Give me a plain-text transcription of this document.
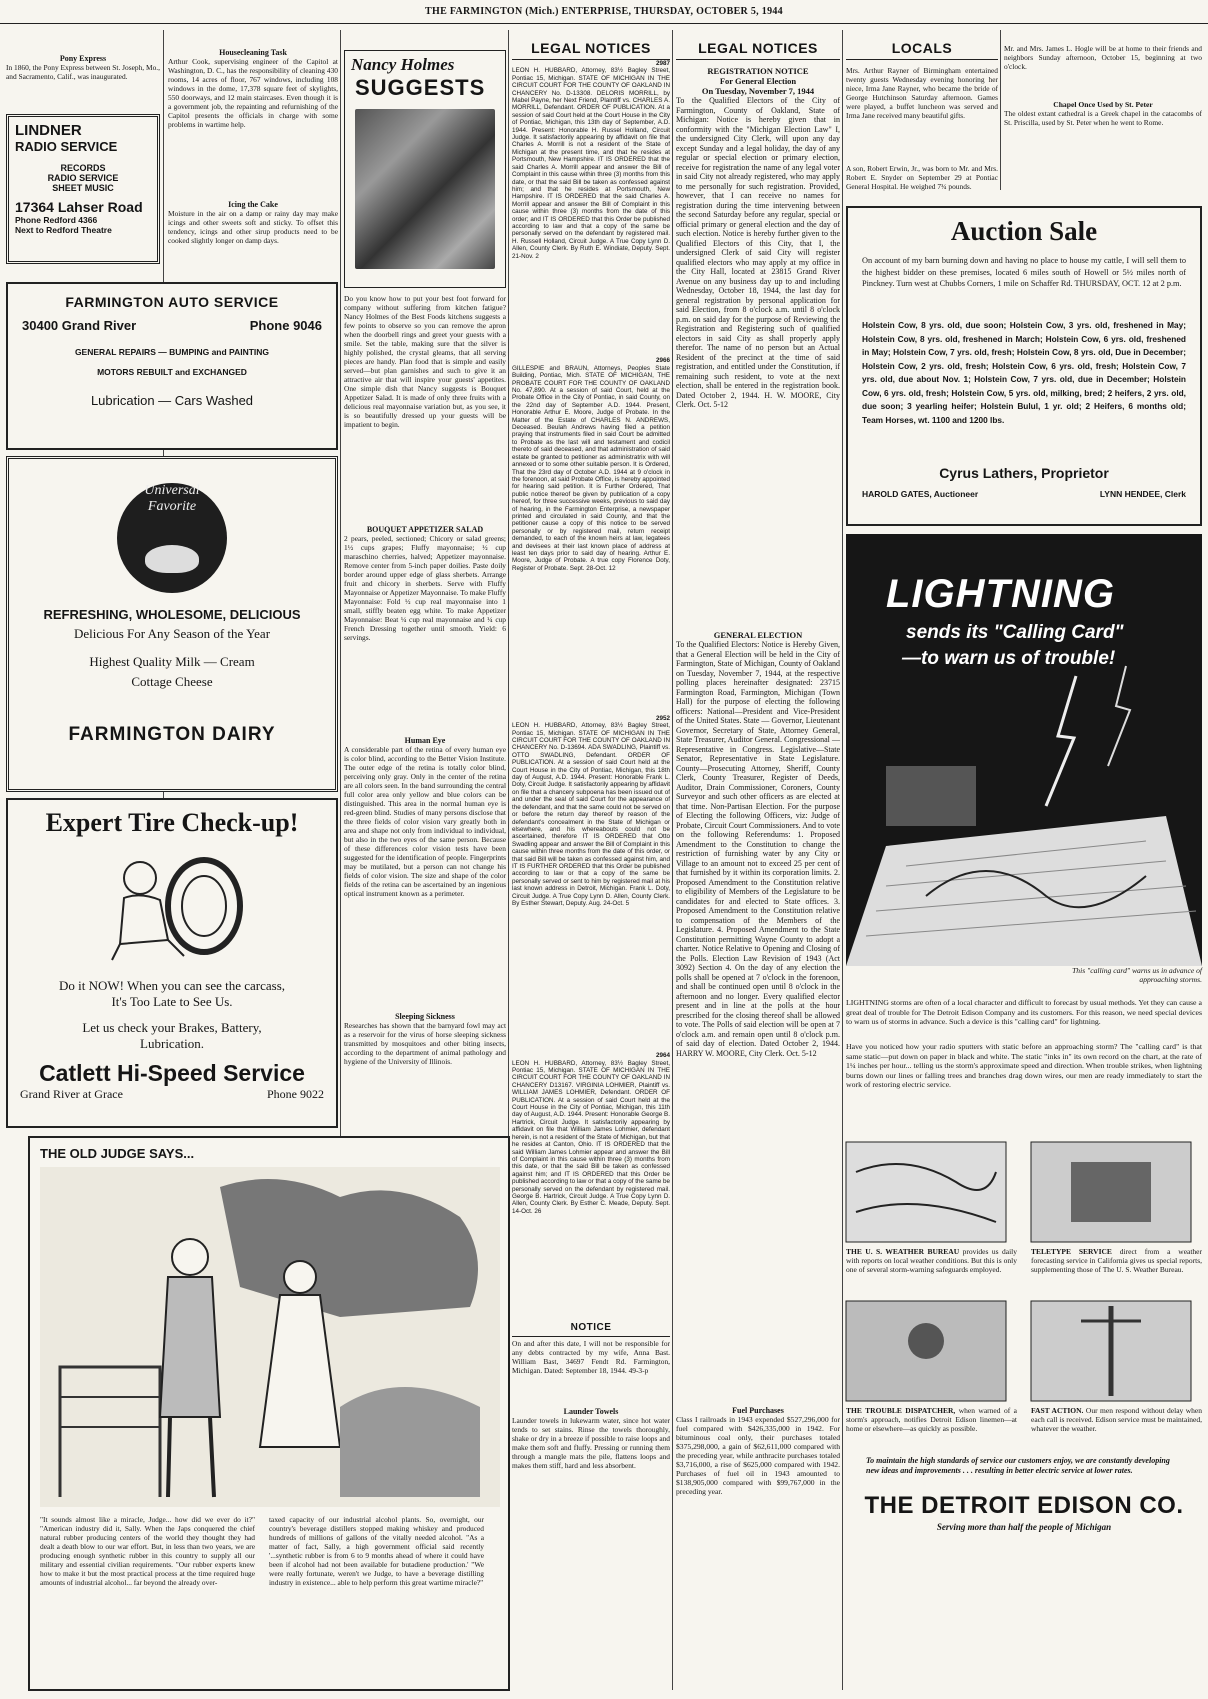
THE FARMINGTON (Mich.) ENTERPRISE, THURSDAY, OCTOBER 5, 1944
Pony Express
In 1860, the Pony Express between St. Joseph, Mo., and Sacramento, Calif., was inaugurated.
LINDNER
RADIO SERVICE
RECORDS
RADIO SERVICE
SHEET MUSIC
17364 Lahser Road
Phone Redford 4366
Next to Redford Theatre
Housecleaning Task
Arthur Cook, supervising engineer of the Capitol at Washington, D. C., has the responsibility of cleaning 430 rooms, 14 acres of floor, 767 windows, including 108 windows in the dome, 17,378 square feet of skylights, 550 doorways, and 12 main staircases. Even though it is a government job, the repainting and refurnishing of the Capitol presents the officials in charge with some problems in wartime help.
Icing the Cake
Moisture in the air on a damp or rainy day may make icings and other sweets soft and sticky. To offset this tendency, icings and other sirup products need to be cooked slightly longer on damp days.
FARMINGTON AUTO SERVICE
30400 Grand River	Phone 9046
GENERAL REPAIRS — BUMPING and PAINTING
MOTORS REBUILT and EXCHANGED
Lubrication — Cars Washed
Universal
Favorite
REFRESHING, WHOLESOME, DELICIOUS
Delicious For Any Season of the Year
Highest Quality Milk — Cream
Cottage Cheese
FARMINGTON DAIRY
Expert Tire Check-up!
Do it NOW! When you can see the carcass,
It's Too Late to See Us.
Let us check your Brakes, Battery,
Lubrication.
Catlett Hi-Speed Service
Grand River at Grace	Phone 9022
THE OLD JUDGE SAYS...
"It sounds almost like a miracle, Judge... how did we ever do it?" "American industry did it, Sally. When the Japs conquered the chief natural rubber producing centers of the world they thought they had dealt a death blow to our war effort. But, in less than two years, we are producing enough synthetic rubber in this country to supply all our military and essential civilian requirements. "Our rubber experts knew how to make it but the most practical process at the time required huge amounts of industrial alcohol... far beyond the already over-
taxed capacity of our industrial alcohol plants. So, overnight, our country's beverage distillers stopped making whiskey and produced hundreds of millions of gallons of the vitally needed alcohol. "As a matter of fact, Sally, a high government official said recently '...synthetic rubber is from 6 to 9 months ahead of where it could have been if alcohol had not been available for butadiene production.' "We were really fortunate, weren't we Judge, to have a beverage distilling industry in existence... able to help perform this great wartime miracle?"
Nancy Holmes
SUGGESTS
Do you know how to put your best foot forward for company without suffering from kitchen fatigue? Nancy Holmes of the Best Foods kitchens suggests a few points to observe so you can remove the apron when the doorbell rings and greet your guests with a smile. Set the table, making sure that the silver is highly polished, the crystal gleams, that all serving pieces are handy. Plan food that is simple and easily served—but plan garnishes and such to give it an attractive air that will inspire your guests' appetites. One simple dish that Nancy suggests is Bouquet Appetizer Salad. It is made of only three fruits with a delicious real mayonnaise variation but, as you see, it is so beautifully dressed up your guests will be impatient to begin.
BOUQUET APPETIZER SALAD
2 pears, peeled, sectioned; Chicory or salad greens; 1½ cups grapes; Fluffy mayonnaise; ½ cup maraschino cherries, halved; Appetizer mayonnaise. Remove center from 5-inch paper doilies. Paste doily border around upper edge of glass sherbets. Arrange fruit and chicory in sherbets. Serve with Fluffy Mayonnaise or Appetizer Mayonnaise. To make Fluffy Mayonnaise: Fold ½ cup real mayonnaise into 1 small, stiffly beaten egg white. To make Appetizer Mayonnaise: Beat ¼ cup real mayonnaise and ¼ cup French Dressing together until smooth. Yield: 6 servings.
Human Eye
A considerable part of the retina of every human eye is color blind, according to the Better Vision Institute. The outer edge of the retina is totally color blind, perceiving only gray. Only in the center of the retina are all colors seen. In the band surrounding the central full color area only yellow and blue colors can be distinguished. This area in the normal human eye is red-green blind. Studies of many persons disclose that the three fields of color vision vary greatly both in area and shape not only from individual to individual, but also in the two eyes of the same person. Because of these differences color vision tests have been suggested for the identification of people. Fingerprints may be mutilated, but a person can not change his fields of color vision. The size and shape of the color fields of the retina can be ascertained by an ingenious optical instrument known as a perimeter.
Sleeping Sickness
Researches has shown that the barnyard fowl may act as a reservoir for the virus of horse sleeping sickness transmitted by mosquitoes and other biting insects, according to the department of animal pathology and hygiene of the University of Illinois.
LEGAL NOTICES
2987
LEON H. HUBBARD, Attorney, 83½ Bagley Street, Pontiac 15, Michigan. STATE OF MICHIGAN IN THE CIRCUIT COURT FOR THE COUNTY OF OAKLAND IN CHANCERY No. D-13308. DELORIS MORRILL, by Mabel Payne, her Next Friend, Plaintiff vs. CHARLES A. MORRILL, Defendant. ORDER OF PUBLICATION. At a session of said Court held at the Court House in the City of Pontiac, Michigan, this 13th day of September, A.D. 1944. Present: Honorable H. Russel Holland, Circuit Judge. It satisfactorily appearing by affidavit on file that Charles A. Morrill is not a resident of the State of Michigan at the present time, and that he resides at Portsmouth, New Hampshire. IT IS ORDERED that the said Charles A. Morrill appear and answer the Bill of Complaint in this cause within three (3) months from this date, or that the said Bill be taken as confessed against him; and that he resides at Portsmouth, New Hampshire. IT IS ORDERED that the said Charles A. Morrill appear and answer the Bill of Complaint in this cause within three (3) months from the date of this order; and IT IS ORDERED that this Order be published according to law and that a copy of the same be personally served on the defendant by registered mail. H. Russell Holland, Circuit Judge. A True Copy Lynn D. Allen, County Clerk. By Ruth E. Windiate, Deputy. Sept. 21-Nov. 2
2966
GILLESPIE and BRAUN, Attorneys, Peoples State Building, Pontiac, Mich. STATE OF MICHIGAN, THE PROBATE COURT FOR THE COUNTY OF OAKLAND No. 47,890. At a session of said Court, held at the Probate Office in the City of Pontiac, in said County, on the 22nd day of September A.D. 1944. Present, Honorable Arthur E. Moore, Judge of Probate. In the Matter of the Estate of CHARLES N. ANDREWS, Deceased. Beulah Andrews having filed a petition praying that instruments filed in said Court be admitted to Probate as the last will and testament and codicil thereto of said deceased, and that administration of said estate be granted to petitioner as administratrix with will annexed or to some other suitable person. It is Ordered, That the 23rd day of October A.D. 1944 at 9 o'clock in the forenoon, at said Probate Office, is hereby appointed for hearing said petition. It is Further Ordered, That public notice thereof be given by publication of a copy hereof, for three successive weeks, previous to said day of hearing, in the Farmington Enterprise, a newspaper printed and circulated in said County, and that the petitioner cause a copy of this notice to be served personally or by registered mail, return receipt demanded, to each of the known heirs at law, legatees and devisees at their last known place of address at least ten days prior to said day of hearing. Arthur E. Moore, Judge of Probate. A true copy Florence Doty, Register of Probate. Sept. 28-Oct. 12
2952
LEON H. HUBBARD, Attorney, 83½ Bagley Street, Pontiac 15, Michigan. STATE OF MICHIGAN IN THE CIRCUIT COURT FOR THE COUNTY OF OAKLAND IN CHANCERY No. D-13694. ADA SWADLING, Plaintiff vs. OTTO SWADLING, Defendant. ORDER OF PUBLICATION. At a session of said Court held at the Court House in the City of Pontiac, Michigan, this 18th day of August, A.D. 1944. Present: Honorable Frank L. Doty, Circuit Judge. It satisfactorily appearing by affidavit on file that a chancery subpoena has been issued out of and under the seal of said Court for the appearance of the defendant, and that the same could not be served on or before the return day thereof by reason of the defendant's concealment in the State of Michigan or elsewhere, and his whereabouts could not be ascertained, therefore IT IS ORDERED that Otto Swadling appear and answer the Bill of Complaint in this cause within three months from the date of this order, or that said Bill will be taken as confessed against him, and IT IS FURTHER ORDERED that this Order be published according to law or that a copy of the same be personally served or sent to him by registered mail at his last known address in Detroit, Michigan. Frank L. Doty, Circuit Judge. A True Copy Lynn D. Allen, County Clerk. By Esther Stewart, Deputy. Aug. 24-Oct. 5
2964
LEON H. HUBBARD, Attorney, 83½ Bagley Street, Pontiac 15, Michigan. STATE OF MICHIGAN IN THE CIRCUIT COURT FOR THE COUNTY OF OAKLAND IN CHANCERY D13167. VIRGINIA LOHMIER, Plaintiff vs. WILLIAM JAMES LOHMIER, Defendant. ORDER OF PUBLICATION. At a session of said Court held at the Court House in the City of Pontiac, Michigan, this 11th day of August, A.D. 1944. Present: Honorable George B. Hartrick, Circuit Judge. It satisfactorily appearing by affidavit on file that William James Lohmier, defendant herein, is not a resident of the State of Michigan, but that he resides at Canton, Ohio. IT IS ORDERED that the said William James Lohmier appear and answer the Bill of Complaint in this cause within three (3) months from this date, or that the said Bill be taken as confessed against him; and IT IS ORDERED that this Order be published according to law or that a copy of the same be personally served on the defendant by registered mail. George B. Hartrick, Circuit Judge. A True Copy Lynn D. Allen, County Clerk. By Esther C. Meade, Deputy. Sept. 14-Oct. 26
NOTICE
On and after this date, I will not be responsible for any debts contracted by my wife, Anna Bast. William Bast, 34697 Fendt Rd. Farmington, Michigan. Dated: September 18, 1944. 49-3-p
Launder Towels
Launder towels in lukewarm water, since hot water tends to set stains. Rinse the towels thoroughly, shake or dry in a breeze if possible to raise loops and make them soft and fluffy. Pressing or running them through a mangle mats the pile, flattens loops and makes them stiff, hard and less absorbent.
LEGAL NOTICES
REGISTRATION NOTICE
For General Election
On Tuesday, November 7, 1944
To the Qualified Electors of the City of Farmington, County of Oakland, State of Michigan: Notice is hereby given that in conformity with the "Michigan Election Law" I, the undersigned City Clerk, will upon any day except Sunday and a legal holiday, the day of any regular or special election or primary election, receive for registration the name of any legal voter in said City not already registered, who may apply to me personally for such registration. Provided, however, that I can receive no names for registration during the time intervening between the second Saturday before any regular, special or official primary or general election and the day of such election. Notice is hereby further given to the Qualified Electors of this City, that I, the undersigned Clerk of said City will register qualified electors who may apply at my office in the City Hall, located at 23815 Grand River Avenue on any business day up to and including Wednesday, October 18, 1944, the last day for general registration by personal application for said Election, from 8 o'clock a.m. until 8 o'clock p.m. on said day for the purpose of Reviewing the Registration and Registering such of qualified electors in said City as shall properly apply therefor. The name of no person but an Actual Resident of the precinct at the time of said registration, and entitled under the Constitution, if remaining such resident, to vote at the next election, shall be entered in the registration book. Dated October 2, 1944. H. W. MOORE, City Clerk. Oct. 5-12
GENERAL ELECTION
To the Qualified Electors: Notice is Hereby Given, that a General Election will be held in the City of Farmington, State of Michigan, County of Oakland on Tuesday, November 7, 1944, at the respective polling places hereinafter designated: 23715 Farmington Road, Farmington, Michigan (Town Hall) for the purpose of electing the following officers: National—President and Vice-President of the United States. State — Governor, Lieutenant Governor, Secretary of State, Attorney General, State Treasurer, Auditor General. Congressional — Representative in Congress. Legislative—State Senator, Representative in State Legislature. County—Prosecuting Attorney, Sheriff, County Clerk, County Treasurer, Register of Deeds, Auditor, Drain Commissioner, Coroners, County Surveyor and such other officers as are elected at that time. Non-Partisan Election. For the purpose of Electing the following Officers, viz: Judge of Probate, Circuit Court Commissioners. And to vote on the following Referendums: 1. Proposed Amendment to the Constitution to change the restriction of furnishing water by any City or Village to an amount not to exceed 25 per cent of that furnished by it within its corporation limits. 2. Proposed Amendment to the Constitution relative to eligibility of Members of the Legislature to be candidates for and elected to State offices. 3. Proposed Amendment to the Constitution relative to compensation of the Members of the Legislature. 4. Proposed Amendment to the State Constitution permitting Wayne County to adopt a charter. Notice Relative to Opening and Closing of the Polls. Election Law Revision of 1943 (Act 3092) Section 4. On the day of any election the polls shall be opened at 7 o'clock in the forenoon, and shall be continued open until 8 o'clock in the afternoon and no longer. Every qualified elector present and in line at the polls at the hour prescribed for the closing thereof shall be allowed to vote. The Polls of said election will be open at 7 o'clock a.m. and remain open until 8 o'clock p.m. of said day of election. Dated October 2, 1944. HARRY W. MOORE, City Clerk. Oct. 5-12
Fuel Purchases
Class I railroads in 1943 expended $527,296,000 for fuel compared with $426,335,000 in 1942. For bituminous coal only, their purchases totaled $375,298,000, a gain of $62,611,000 compared with the preceding year, while anthracite purchases totaled $3,716,000, a rise of $625,000 compared with 1942. Purchases of fuel oil in 1943 amounted to $138,905,000 compared with $99,767,000 in the preceding year.
LOCALS
Mrs. Arthur Rayner of Birmingham entertained twenty guests Wednesday evening honoring her niece, Irma Jane Rayner, who became the bride of George Hutchinson Saturday afternoon. Games were played, a buffet luncheon was served and Irma Jane received many beautiful gifts.
A son, Robert Erwin, Jr., was born to Mr. and Mrs. Robert E. Snyder on September 29 at Pontiac General Hospital. He weighed 7¾ pounds.
Mr. and Mrs. James L. Hogle will be at home to their friends and neighbors Sunday afternoon, October 15, beginning at two o'clock.
Chapel Once Used by St. Peter
The oldest extant cathedral is a Greek chapel in the catacombs of St. Priscilla, used by St. Peter when he went to Rome.
Auction Sale
On account of my barn burning down and having no place to house my cattle, I will sell them to the highest bidder on these premises, located 6 miles south of Howell or 5½ miles north of Pinckney. Turn west at Chubbs Corners, 1 mile on Schaffer Rd. THURSDAY, OCT. 12 at 2 p.m.
Holstein Cow, 8 yrs. old, due soon; Holstein Cow, 3 yrs. old, freshened in May; Holstein Cow, 8 yrs. old, freshened in March; Holstein Cow, 6 yrs. old, freshened in May; Holstein Cow, 7 yrs. old, fresh; Holstein Cow, 8 yrs. old, Due in December; Holstein Cow, 2 yrs. old, fresh; Holstein Cow, 6 yrs. old, fresh; Holstein Cow, 7 yrs. old, due about Nov. 1; Holstein Cow, 7 yrs. old, due in December; Holstein Cow, 6 yrs. old, fresh; Holstein Cow, 5 yrs. old, milking, bred; 2 heifers, 2 yrs. old, due soon; 3 yearling heifer; Holstein Bulul, 1 yr. old; 2 Heifers, 6 months old; Team Horses, wt. 1100 and 1200 lbs.
Cyrus Lathers, Proprietor
HAROLD GATES, Auctioneer	LYNN HENDEE, Clerk
LIGHTNING
sends its "Calling Card"
—to warn us of trouble!
This "calling card" warns us in advance of approaching storms.
LIGHTNING storms are often of a local character and difficult to forecast by usual methods. Yet they can cause a great deal of trouble for The Detroit Edison Company and its customers. For this reason, we need special devices to warn us of storms in advance. Such a device is this "calling card" for lightning.
Have you noticed how your radio sputters with static before an approaching storm? The "calling card" is that same static—put down on paper in black and white. The static "inks in" its own record on the chart, at the rate of 1¼ inches per hour... telling us the storm's approximate speed and direction. When trouble strikes, when lightning burns down our lines or falling trees and branches drag down wires, our men are ready immediately to start the work of restoring electric service.
THE U. S. WEATHER BUREAU provides us daily with reports on local weather conditions. But this is only one of several storm-warning safeguards employed.
TELETYPE SERVICE direct from a weather forecasting service in California gives us special reports, supplementing those of The U. S. Weather Bureau.
THE TROUBLE DISPATCHER, when warned of a storm's approach, notifies Detroit Edison linemen—at home or elsewhere—as quickly as possible.
FAST ACTION. Our men respond without delay when each call is received. Edison service must be maintained, whatever the weather.
To maintain the high standards of service our customers enjoy, we are constantly developing new ideas and improvements . . . resulting in better electric service at lower rates.
THE DETROIT EDISON CO.
Serving more than half the people of Michigan
